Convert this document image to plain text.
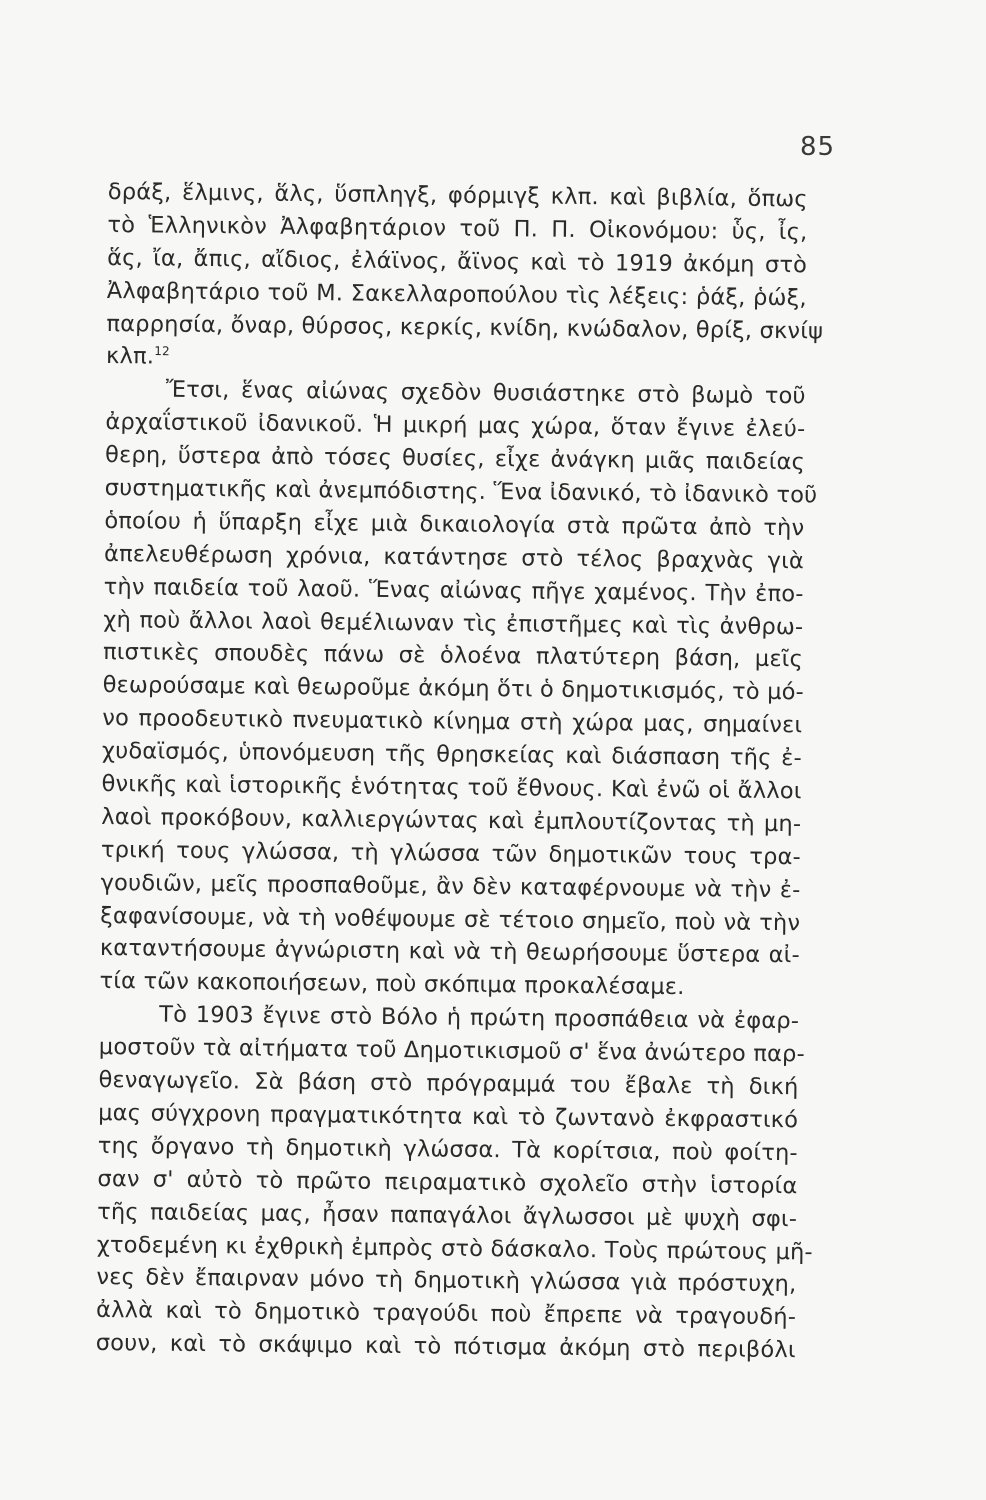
85
δράξ, ἕλμινς, ἅλς, ὕσπληγξ, φόρμιγξ κλπ. καὶ βιβλία, ὅπως
τὸ Ἑλληνικὸν Ἀλφαβητάριον τοῦ Π. Π. Οἰκονόμου: ὗς, ἶς,
ἅς, ἴα, ἄπις, αἴδιος, ἐλάϊνος, ἄϊνος καὶ τὸ 1919 ἀκόμη στὸ
Ἀλφαβητάριο τοῦ Μ. Σακελλαροπούλου τὶς λέξεις: ῥάξ, ῥώξ,
παρρησία, ὄναρ, θύρσος, κερκίς, κνίδη, κνώδαλον, θρίξ, σκνίψ
κλπ.$^{12}$
Ἔτσι, ἕνας αἰώνας σχεδὸν θυσιάστηκε στὸ βωμὸ τοῦ
ἀρχαΐστικοῦ ἰδανικοῦ. Ἡ μικρή μας χώρα, ὅταν ἔγινε ἐλεύ-
θερη, ὕστερα ἀπὸ τόσες θυσίες, εἶχε ἀνάγκη μιᾶς παιδείας
συστηματικῆς καὶ ἀνεμπόδιστης. Ἕνα ἰδανικό, τὸ ἰδανικὸ τοῦ
ὁποίου ἡ ὕπαρξη εἶχε μιὰ δικαιολογία στὰ πρῶτα ἀπὸ τὴν
ἀπελευθέρωση χρόνια, κατάντησε στὸ τέλος βραχνὰς γιὰ
τὴν παιδεία τοῦ λαοῦ. Ἕνας αἰώνας πῆγε χαμένος. Τὴν ἐπο-
χὴ ποὺ ἄλλοι λαοὶ θεμέλιωναν τὶς ἐπιστῆμες καὶ τὶς ἀνθρω-
πιστικὲς σπουδὲς πάνω σὲ ὁλοένα πλατύτερη βάση, μεῖς
θεωρούσαμε καὶ θεωροῦμε ἀκόμη ὅτι ὁ δημοτικισμός, τὸ μό-
νο προοδευτικὸ πνευματικὸ κίνημα στὴ χώρα μας, σημαίνει
χυδαϊσμός, ὑπονόμευση τῆς θρησκείας καὶ διάσπαση τῆς ἐ-
θνικῆς καὶ ἱστορικῆς ἑνότητας τοῦ ἔθνους. Καὶ ἐνῶ οἱ ἄλλοι
λαοὶ προκόβουν, καλλιεργώντας καὶ ἐμπλουτίζοντας τὴ μη-
τρική τους γλώσσα, τὴ γλώσσα τῶν δημοτικῶν τους τρα-
γουδιῶν, μεῖς προσπαθοῦμε, ἂν δὲν καταφέρνουμε νὰ τὴν ἐ-
ξαφανίσουμε, νὰ τὴ νοθέψουμε σὲ τέτοιο σημεῖο, ποὺ νὰ τὴν
καταντήσουμε ἀγνώριστη καὶ νὰ τὴ θεωρήσουμε ὕστερα αἰ-
τία τῶν κακοποιήσεων, ποὺ σκόπιμα προκαλέσαμε.
Τὸ 1903 ἔγινε στὸ Βόλο ἡ πρώτη προσπάθεια νὰ ἐφαρ-
μοστοῦν τὰ αἰτήματα τοῦ Δημοτικισμοῦ σ' ἕνα ἀνώτερο παρ-
θεναγωγεῖο. Σὰ βάση στὸ πρόγραμμά του ἔβαλε τὴ δική
μας σύγχρονη πραγματικότητα καὶ τὸ ζωντανὸ ἐκφραστικό
της ὄργανο τὴ δημοτικὴ γλώσσα. Τὰ κορίτσια, ποὺ φοίτη-
σαν σ' αὐτὸ τὸ πρῶτο πειραματικὸ σχολεῖο στὴν ἱστορία
τῆς παιδείας μας, ἦσαν παπαγάλοι ἄγλωσσοι μὲ ψυχὴ σφι-
χτοδεμένη κι ἐχθρικὴ ἐμπρὸς στὸ δάσκαλο. Τοὺς πρώτους μῆ-
νες δὲν ἔπαιρναν μόνο τὴ δημοτικὴ γλώσσα γιὰ πρόστυχη,
ἀλλὰ καὶ τὸ δημοτικὸ τραγούδι ποὺ ἔπρεπε νὰ τραγουδή-
σουν, καὶ τὸ σκάψιμο καὶ τὸ πότισμα ἀκόμη στὸ περιβόλι
